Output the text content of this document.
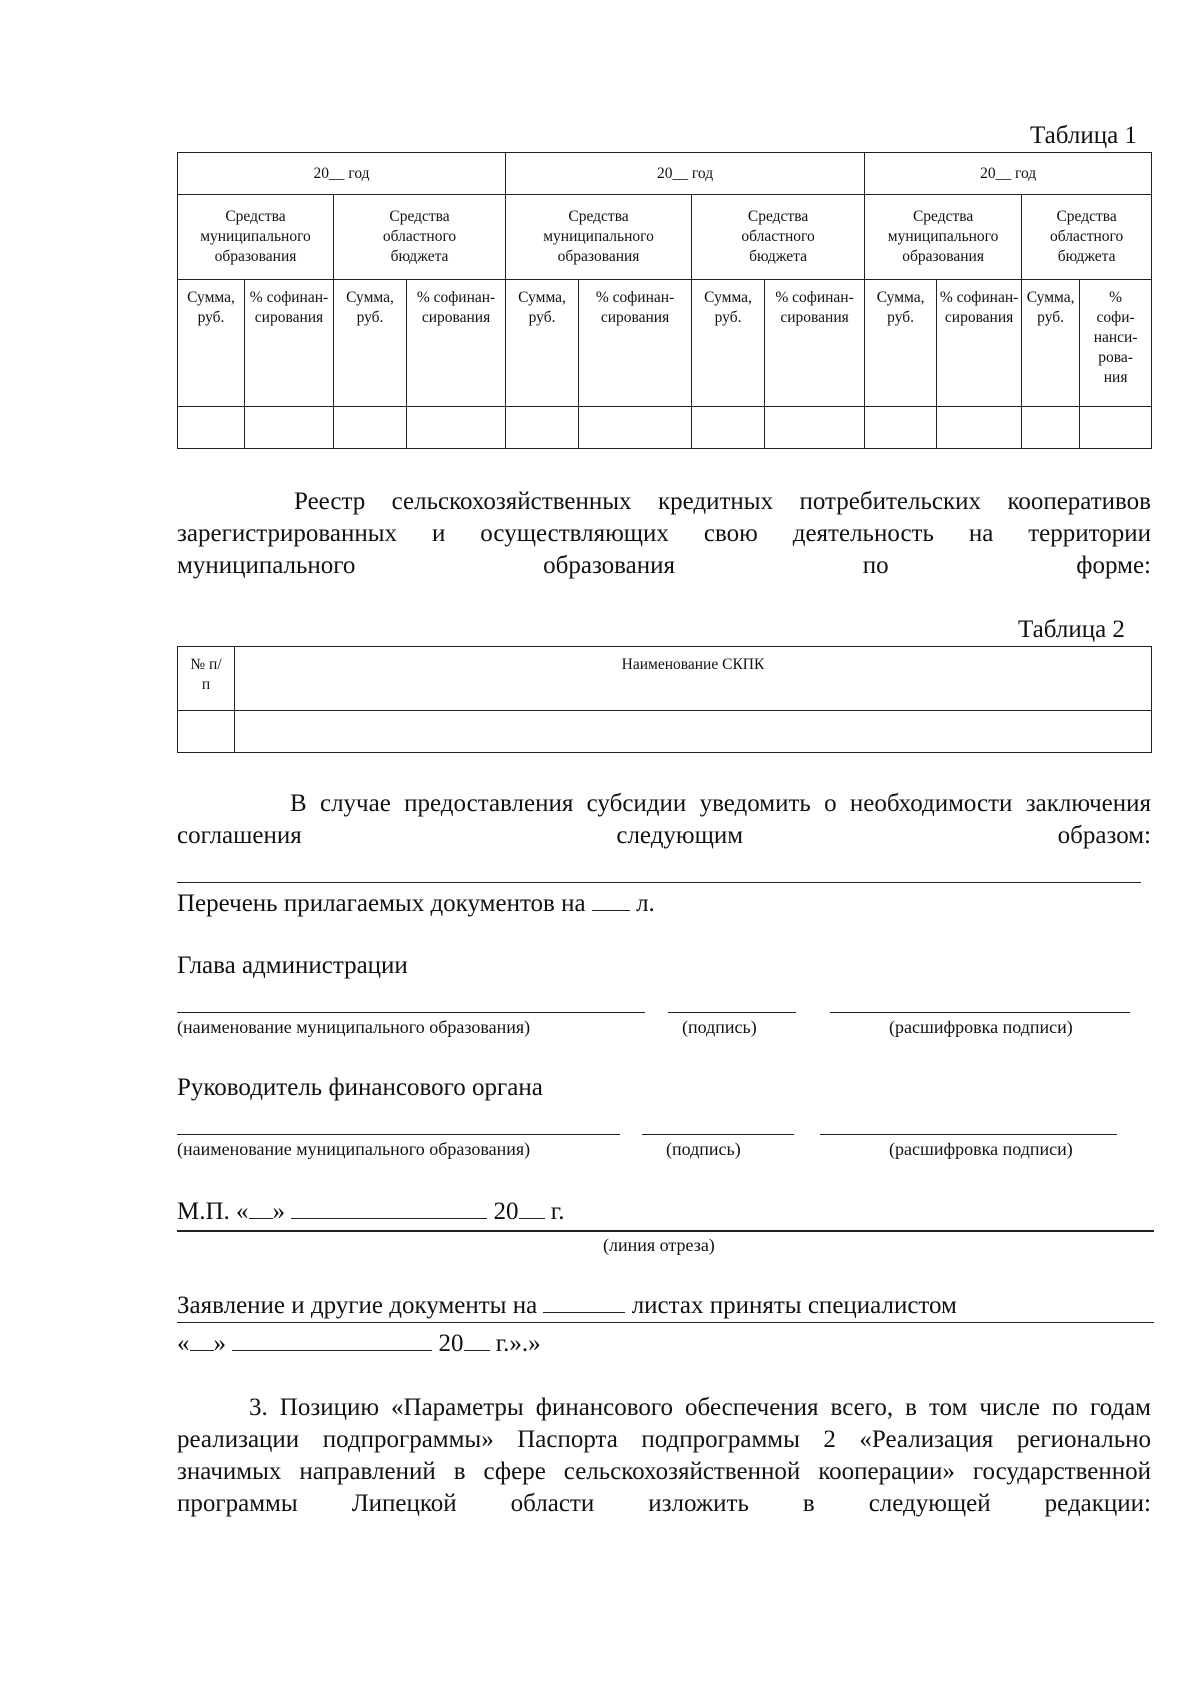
Таблица 1
20__ год				20__ год				20__ год			
Средства муниципального образования		Средства областного бюджета		Средства муниципального образования		Средства областного бюджета		Средства муниципального образования		Средства областного бюджета	
Сумма, руб.	% софинан-сирования	Сумма, руб.	% софинан-сирования	Сумма, руб.	% софинан-сирования	Сумма, руб.	% софинан-сирования	Сумма, руб.	% софинан-сирования	Сумма, руб.	% софи-нанси-рова-ния

Реестр сельскохозяйственных кредитных потребительских кооперативов зарегистрированных и осуществляющих свою деятельность на территории муниципального образования по форме:
Таблица 2
№ п/п	Наименование СКПК

В случае предоставления субсидии уведомить о необходимости заключения соглашения следующим образом:
Перечень прилагаемых документов на л.
Глава администрации
(наименование муниципального образования)	(подпись)	(расшифровка подписи)
Руководитель финансового органа
(наименование муниципального образования)	(подпись)	(расшифровка подписи)
М.П. « »	20 г.
(линия отреза)
Заявление и другие документы на	листах приняты специалистом
« »	20 г.».»
3. Позицию «Параметры финансового обеспечения всего, в том числе по годам реализации подпрограммы» Паспорта подпрограммы 2 «Реализация регионально значимых направлений в сфере сельскохозяйственной кооперации» государственной программы Липецкой области изложить в следующей редакции:
